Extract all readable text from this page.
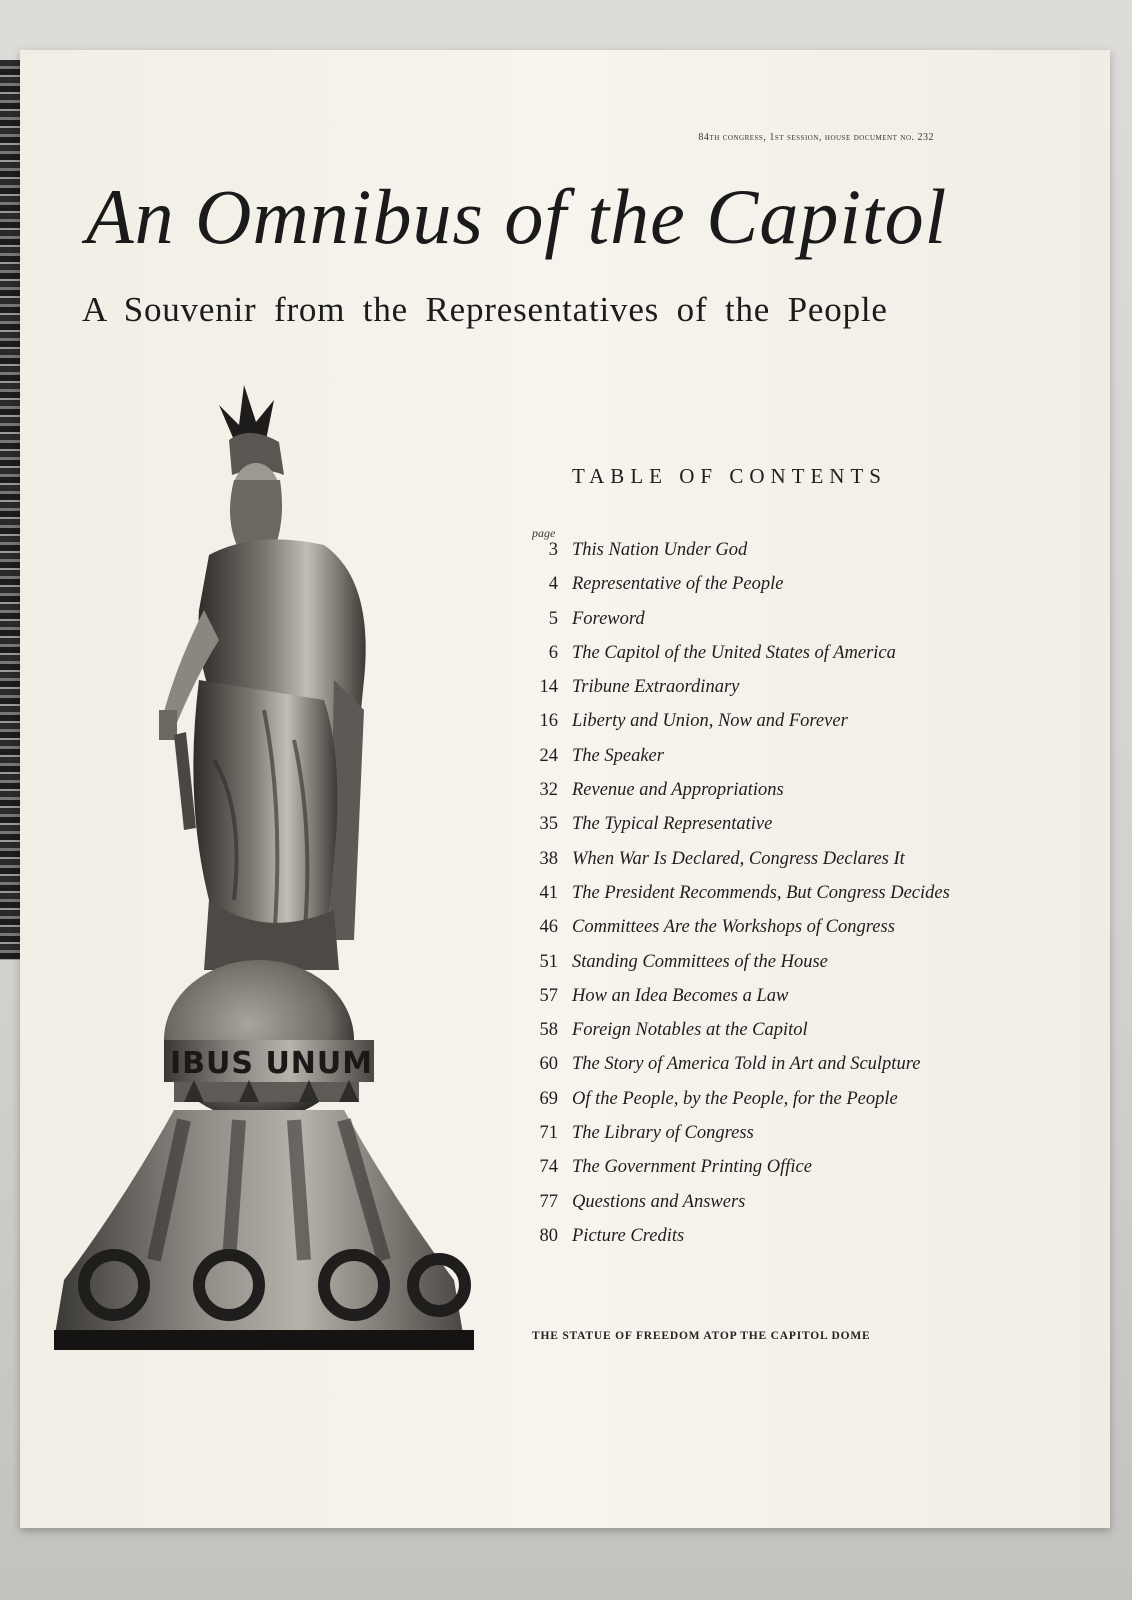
84th congress, 1st session, house document no. 232
An Omnibus of the Capitol
A Souvenir from the Representatives of the People
IBUS UNUM
TABLE OF CONTENTS
page
3 This Nation Under God
4 Representative of the People
5 Foreword
6 The Capitol of the United States of America
14 Tribune Extraordinary
16 Liberty and Union, Now and Forever
24 The Speaker
32 Revenue and Appropriations
35 The Typical Representative
38 When War Is Declared, Congress Declares It
41 The President Recommends, But Congress Decides
46 Committees Are the Workshops of Congress
51 Standing Committees of the House
57 How an Idea Becomes a Law
58 Foreign Notables at the Capitol
60 The Story of America Told in Art and Sculpture
69 Of the People, by the People, for the People
71 The Library of Congress
74 The Government Printing Office
77 Questions and Answers
80 Picture Credits
THE STATUE OF FREEDOM ATOP THE CAPITOL DOME
